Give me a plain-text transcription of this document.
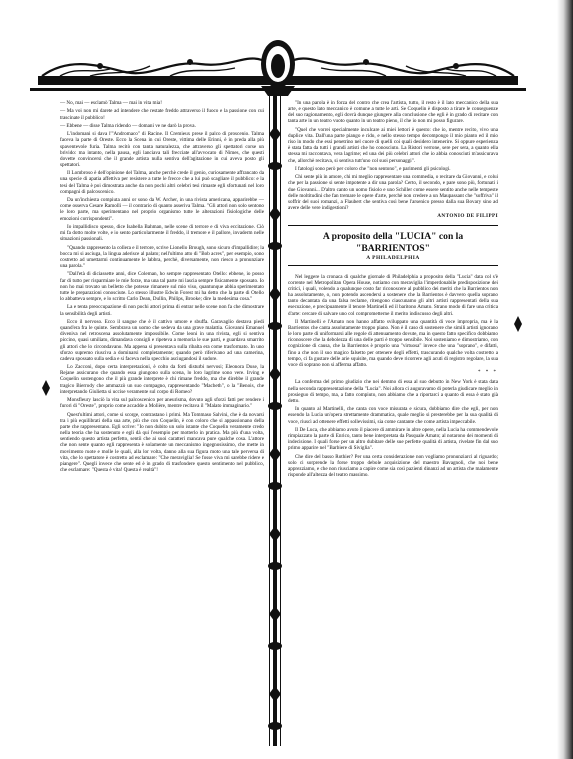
— No, mai — esclamò Talma — mai in vita mia!

— Ma voi non mi darete ad intendere che restate freddo attraverso il fuoco e la passione con cui trascinate il pubblico!

— Ebbene — disse Talma ridendo — domani ve ne darò la prova.

L'indomani si dava l'"Andromaco" di Racine. Il Cremieux prese il palco di proscenio. Talma faceva la parte di Oreste. Ecco la Scena in cui Oreste, vittima delle Erinni, è in preda alla più spaventevole furia. Talma recitò con tanta naturalezza, che attraverso gli spettatori corse un brivido: ma intanto, nella pausa, egli lanciava tali frecciate all'avvocato di Nimes, che questi dovette convincersi che il grande artista nulla sentiva dell'agitazione in cui aveva posto gli spettatori.

Il Lombroso è dell'opinione del Talma, anche perchè crede il genio, curiosamente affrancato da una specie di apatia affettiva per resistere a tutte le frecce che a lui può scagliare il pubblico: e la tesi del Talma è poi dimostrata anche da non pochi altri celebri tesi rimaste egli sfortunati nel loro compagni di palcoscenico.

Da un'inchiesta compiuta anni or sono da W. Archer, in una rivista americana, apparirebbe — come osserva Cesare Ramolli — il contrario di quanto asseriva Talma. "Gli attori non solo sentono le loro parte, ma sperimentano nel proprio organismo tutte le alterazioni fisiologiche delle emozioni corrispondenti".

Io impallidisco spesso, dice Isabella Bahman, nelle scene di terrore e di viva eccitazione. Ciò mi fa dotto molte volte, e io sento particolarmente il freddo, il tremore e il pallore, invaderm nelle situazioni passionali.

"Quando rappresento la collera e il terrore, scrive Lionello Brough, sono sicuro d'impallidire; la bocca mi si asciuga, la lingua aderisce al palato; nell'ultimo atto di "Bob acres", per esempio, sono costretto ad umettarmi continuamente le labbra, perchè, diversamente, non riesco a pronunziare una parola."

"Dall'età di diciassette anni, dice Coleman, ho sempre rappresentato Otello: ebbene, io posso far di tutto per risparmiare le mie forze, ma una tal parte mi lascia sempre fisicamente spossato. Io non ho mai trovato un belletto che potesse rimanere sul mio viso, quantunque abbia sperimentato tutte le preparazioni conosciute. Lo stesso illustre Edwin Forest mi ha detto che la parte di Otello lo abbatteva sempre, e lo scritto Carlo Dean, Dullin, Philips, Brooke; dire la medesima cosa."

La e tenta preoccupazione di non pochi attori prima di entrar nelle scene non fa che dimostrare la sensibilità degli artisti.

Ecco il nervoso. Ecco il sangue che è il cattivo umore e sbuffa. Garavaglio destava piedi quand'era fra le quinte. Sembrava un uomo che sedeva da una grave malattia. Giovanni Emanuel diveniva nel retroscena assolutamente impossibile. Come leoni in una rivista, egli si sentiva piccino, quasi umiliato, dimandava consigli e ripeteva a memoria le sue parti, e guardava smarrito gli attori che lo circondavano. Ma appena si presentava sulla ribalta era come trasformato. In uno sforzo supremo riusciva a dominarsi completamente; quando però riferivano ad una camerina, cadeva spossato sulla sedia e si faceva nella specchio asciugandosi il sudore.

Lo Zacconi, dopo certa interpretazioni, è colto da forti disturbi nervosi; Eleonora Duse, la Rejane assicurano che quando essa giungono sulla scena, lo loro lagrime sono vere. Irving e Coquelin sostengono che il più grande interprete è chi rimane freddo, ma che direbbe il grande tragico Bierrody che ammazzò un suo compagno, rappresentando "Macbeth", o la "Benois, che interpretando Giulietta si uccise veramente sul corpo di Romeo?

Monsfleury lasciò la vita sul palcoscenico per aneurisma, dovuto agli sforzi fatti per rendere i furori di "Oreste", proprio come accadde a Molière, mentre recitava il "Malato immaginario."

Quest'ultimi attori, come si scorge, contrastano i primi. Ma Tommaso Salvini, che è da novarsi tra i più equilibrati della sua arte, più che con Coquelin, è con coloro che si appassionano della parte che rappresentano. Egli scrive: "Io non dubito un solo istante che Coquelin veramente credo nella teoria che ha sostenuto e egli dà qui l'esempio per motterlo in pratica. Ma più d'una volta, sentiendo questo artista perfetto, sentii che ai suoi caratteri mancava pure qualche cosa. L'attore che non sente quanto egli rappresenta è solamente un meccanismo ingegnosissimo, che mette in movimento ruote e molle le quali, alla lor volta, danno alla sua figura moto una tale perversa di vita, che lo spettatore è costretto ad esclamare: "Che meraviglia! Se fosse viva mi sarebbe ridere e piangere". Quegli invece che sente ed è in grado di trasfondere questo sentimento nel pubblico, che esclamare: "Questa è vita! Questa è realtà"!

"In una parola è in forza del contro che crea l'artista, tutto, il resto è il lato meccanico della sua arte, e questo lato meccanico è comune a tutte le arti. Se Coquelin è disposto a tirare le conseguenze del suo ragionamento, egli dovrà dunque giungere alla conclusione che egli è in grado di recitare con tanta arte in un teatro vuoto quanto in un teatro pieno, il che io non mi posso figurare.

"Quel che vorrei specialmente inculcare ai miei lettori è questo: che io, mentre recito, vivo una duplice vita. Dall'una parte piango e rido, e nello stesso tempo decompongo il mio pianto ed il mio riso in modo che essi penetrino nel cuore di quelli coi quali desidero intenerire. Si oppure esperienza è stata fatta da tutti i grandi artisti che ho conosciuto. La Ristori verrone, sere per sera, a quanto ella stessa mi raccontava, vera lagrime; ed una dei più celebri attori che io abbia conosciuti m'assicurava che, allorchè recitava, si sentiva tutt'uno col suoi personaggi".

I fatologi sono però per coloro che "non sentono", e parimenti gli psicologi.

Chi sente più in amore, chi mi meglio rappresentare una commedia, o recitare da Giovanni, e colui che per la passione si sente impotente a dir una parola? Certo, il secondo, e pare sono più, fortunati i due Giovanni... D'altro canto un uomo fisiolo e uno Schiller come essere sentito anche nelle tempeste delle moltitudini che fan tremare le opere d'arte, perchè non credere a un Maupassant che "soffriva" il soffrir del suoi romanzi, a Flaubert che sentiva così bene l'arsenico presso dalla sua Bovary sino ad avere delle vere indigestioni?

ANTONIO DE FILIPPI
A proposito della "LUCIA" con la "BARRIENTOS"
A PHILADELPHIA

Nel leggere la cronaca di qualche giornale di Philadelphia a proposito della "Lucia" data col s'è corrente nel Metropolitan Opera House, notiamo con meraviglia l'imperdonabile predisposizione dei critici, i quali, volendo a qualunque costo far riconoscere al pubblico dei meriti che la Barrientos non ha assolutamente, o, non potendo ascendersi a sostenere che la Barrientos è davvero quella soprano tanto decantata da una falsa reclame, ritengono ciascunamo gli altri artisti rappresentati della sua esecuzione, e precipuamente il tenore Martinelli ed il baritono Amato. Strano modo di fare una critica d'arte: cercare di salvare uno col comprometterne il merito indiscusso degli altri.

Il Martinelli e l'Amato non hanno affatto sviluppato una quantità di voce impropria, ma è la Barrientos che canta assolutamente troppo piano. Non è il caso di sostenere che simili artisti ignorano le loro parte di uniformarsi alle regole di attenuamento dovute, ma in questo fatto specifico dobbiamo riconoscere che la debolezza di una delle parti è troppo sensibile. Noi sosteniamo e dimostriamo, con cognizione di causa, che la Barrientos è proprio una "virtuosa" invece che una "soprano", e difatti, fino a che non il suo magico falsetto per ottenere degli effetti, trascurando qualche volta costretto a tempo, ci fa gustare delle arie squisite, ma quando deve ricorrere agli acuti di registro regolare, la sua voce di soprano non si afferma affatto.

* * *

La conferma del primo giudizio che nei demmo di essa al suo debutto in New York è stata data nella seconda rappresentazione della "Lucia". Noi allora ci auguravamo di poterla giudicare meglio in prosieguo di tempo, ma, a fatto compiuto, non abbiamo che a riportarci a quanto di essa è stato già detto.

In quanto al Martinelli, che canta con voce misurata e sicura, dobbiamo dire che egli, per non essendo la Lucia un'opera strettamente drammatica, quale meglio si presterebbe per la sua qualità di voce, riuscì ad ottenere effetti sollevissimi, sia come cantante che come artista impeccabile.

Il De Luca, che abbiamo avuto il piacere di ammirare in altre opere, nella Lucia ha commendevole rimpiazzato la parte di Enrico, tanto bene interpretata da Pasquale Amato; al notarono dei momenti di indecisione. I quali forse per un altro dubitare delle sue perfette qualità di artista, rivelate fin dal suo primo apparire nel "Barbiere di Siviglia".

Che dire del basso Rothier? Per una certa considerazione non vogliamo pronunziarci al riguardo; solo ci sorprende la forse troppo debole acquisizione del maestro Bavagnoli, che noi bene apprezziamo, e che non riusciamo a capire come sia così pazienti dinanzi ad un artista che malamente risponde all'altezza del teatro massimo.
